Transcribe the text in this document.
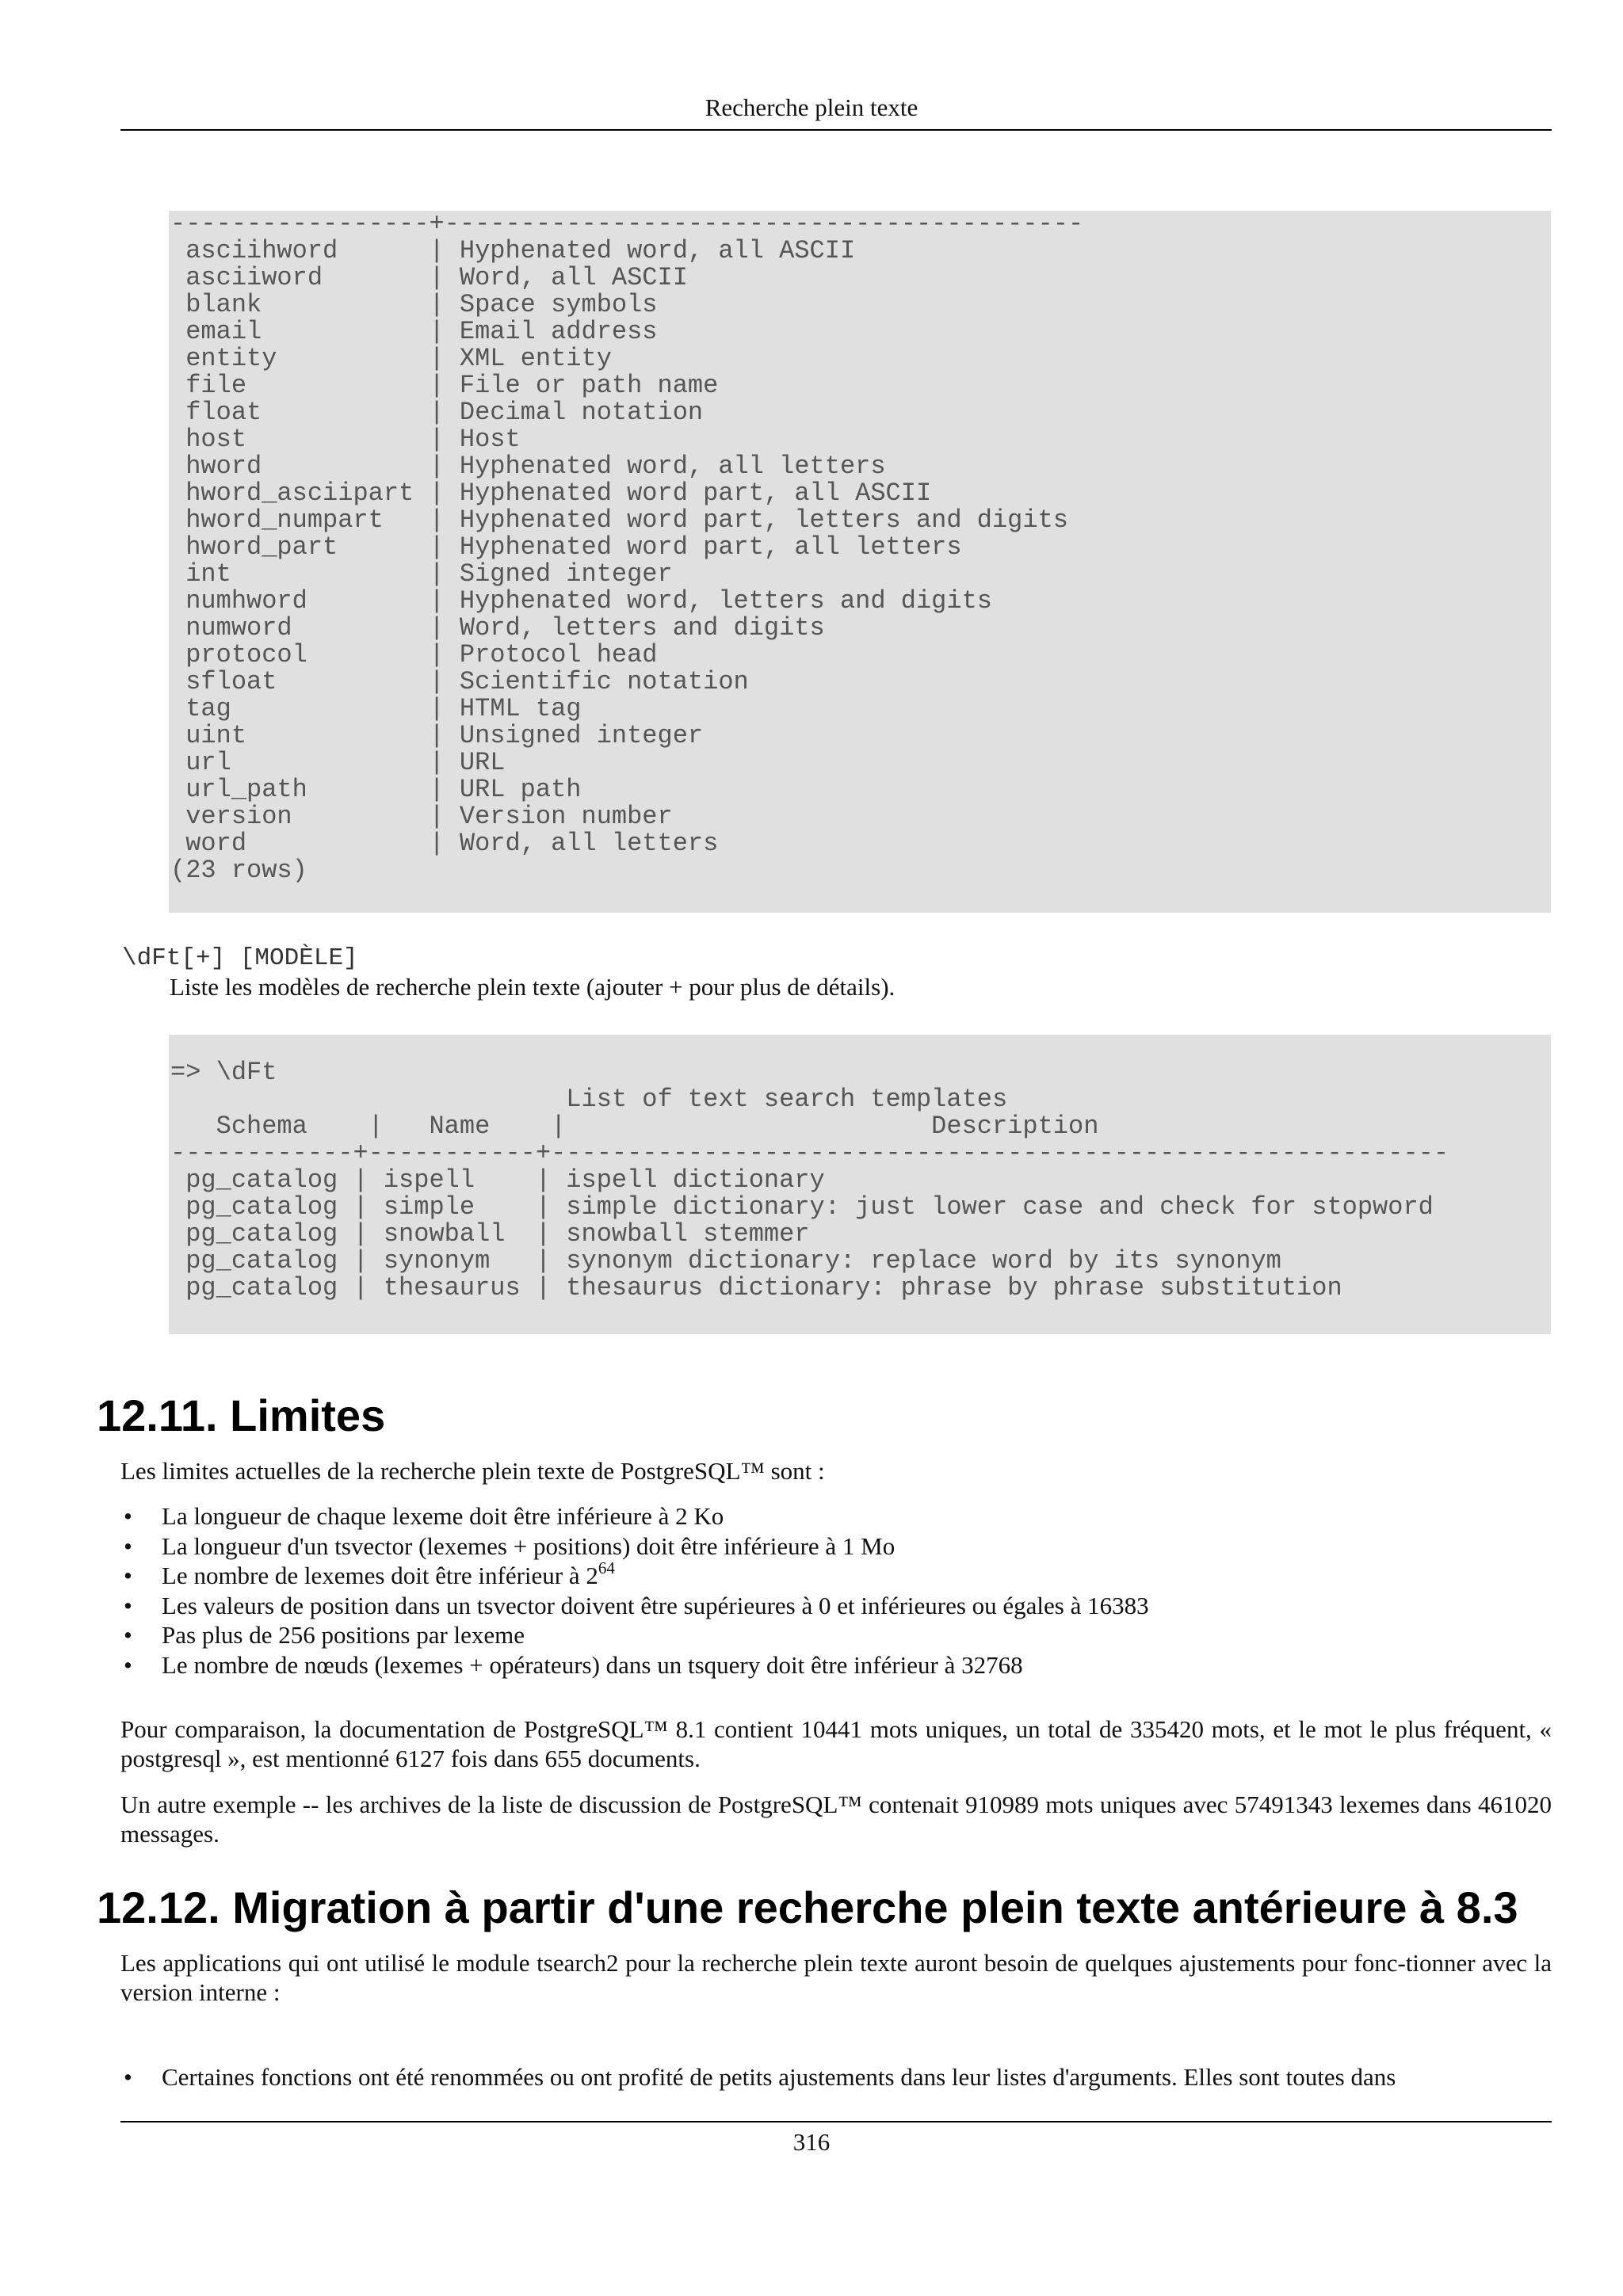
Recherche plein texte
-----------------+------------------------------------------
asciihword      | Hyphenated word, all ASCII
asciiword       | Word, all ASCII
blank           | Space symbols
email           | Email address
entity          | XML entity
file            | File or path name
float           | Decimal notation
host            | Host
hword           | Hyphenated word, all letters
hword_asciipart | Hyphenated word part, all ASCII
hword_numpart   | Hyphenated word part, letters and digits
hword_part      | Hyphenated word part, all letters
int             | Signed integer
numhword        | Hyphenated word, letters and digits
numword         | Word, letters and digits
protocol        | Protocol head
sfloat          | Scientific notation
tag             | HTML tag
uint            | Unsigned integer
url             | URL
url_path        | URL path
version         | Version number
word            | Word, all letters
(23 rows)
\dFt[+] [MODÈLE]
Liste les modèles de recherche plein texte (ajouter + pour plus de détails).
=> \dFt
List of text search templates
Schema    |   Name    |                        Description
------------+-----------+-----------------------------------------------------------
pg_catalog | ispell    | ispell dictionary
pg_catalog | simple    | simple dictionary: just lower case and check for stopword
pg_catalog | snowball  | snowball stemmer
pg_catalog | synonym   | synonym dictionary: replace word by its synonym
pg_catalog | thesaurus | thesaurus dictionary: phrase by phrase substitution
12.11. Limites

Les limites actuelles de la recherche plein texte de PostgreSQL™ sont :

• La longueur de chaque lexeme doit être inférieure à 2 Ko
• La longueur d'un tsvector (lexemes + positions) doit être inférieure à 1 Mo
• Le nombre de lexemes doit être inférieur à $2^{64}$
• Les valeurs de position dans un tsvector doivent être supérieures à 0 et inférieures ou égales à 16383
• Pas plus de 256 positions par lexeme
• Le nombre de nœuds (lexemes + opérateurs) dans un tsquery doit être inférieur à 32768

Pour comparaison, la documentation de PostgreSQL™ 8.1 contient 10441 mots uniques, un total de 335420 mots, et le mot le plus fréquent, « postgresql », est mentionné 6127 fois dans 655 documents.

Un autre exemple -- les archives de la liste de discussion de PostgreSQL™ contenait 910989 mots uniques avec 57491343 lexemes dans 461020 messages.

12.12. Migration à partir d'une recherche plein texte antérieure à 8.3

Les applications qui ont utilisé le module tsearch2 pour la recherche plein texte auront besoin de quelques ajustements pour fonc-tionner avec la version interne :

• Certaines fonctions ont été renommées ou ont profité de petits ajustements dans leur listes d'arguments. Elles sont toutes dans
316
